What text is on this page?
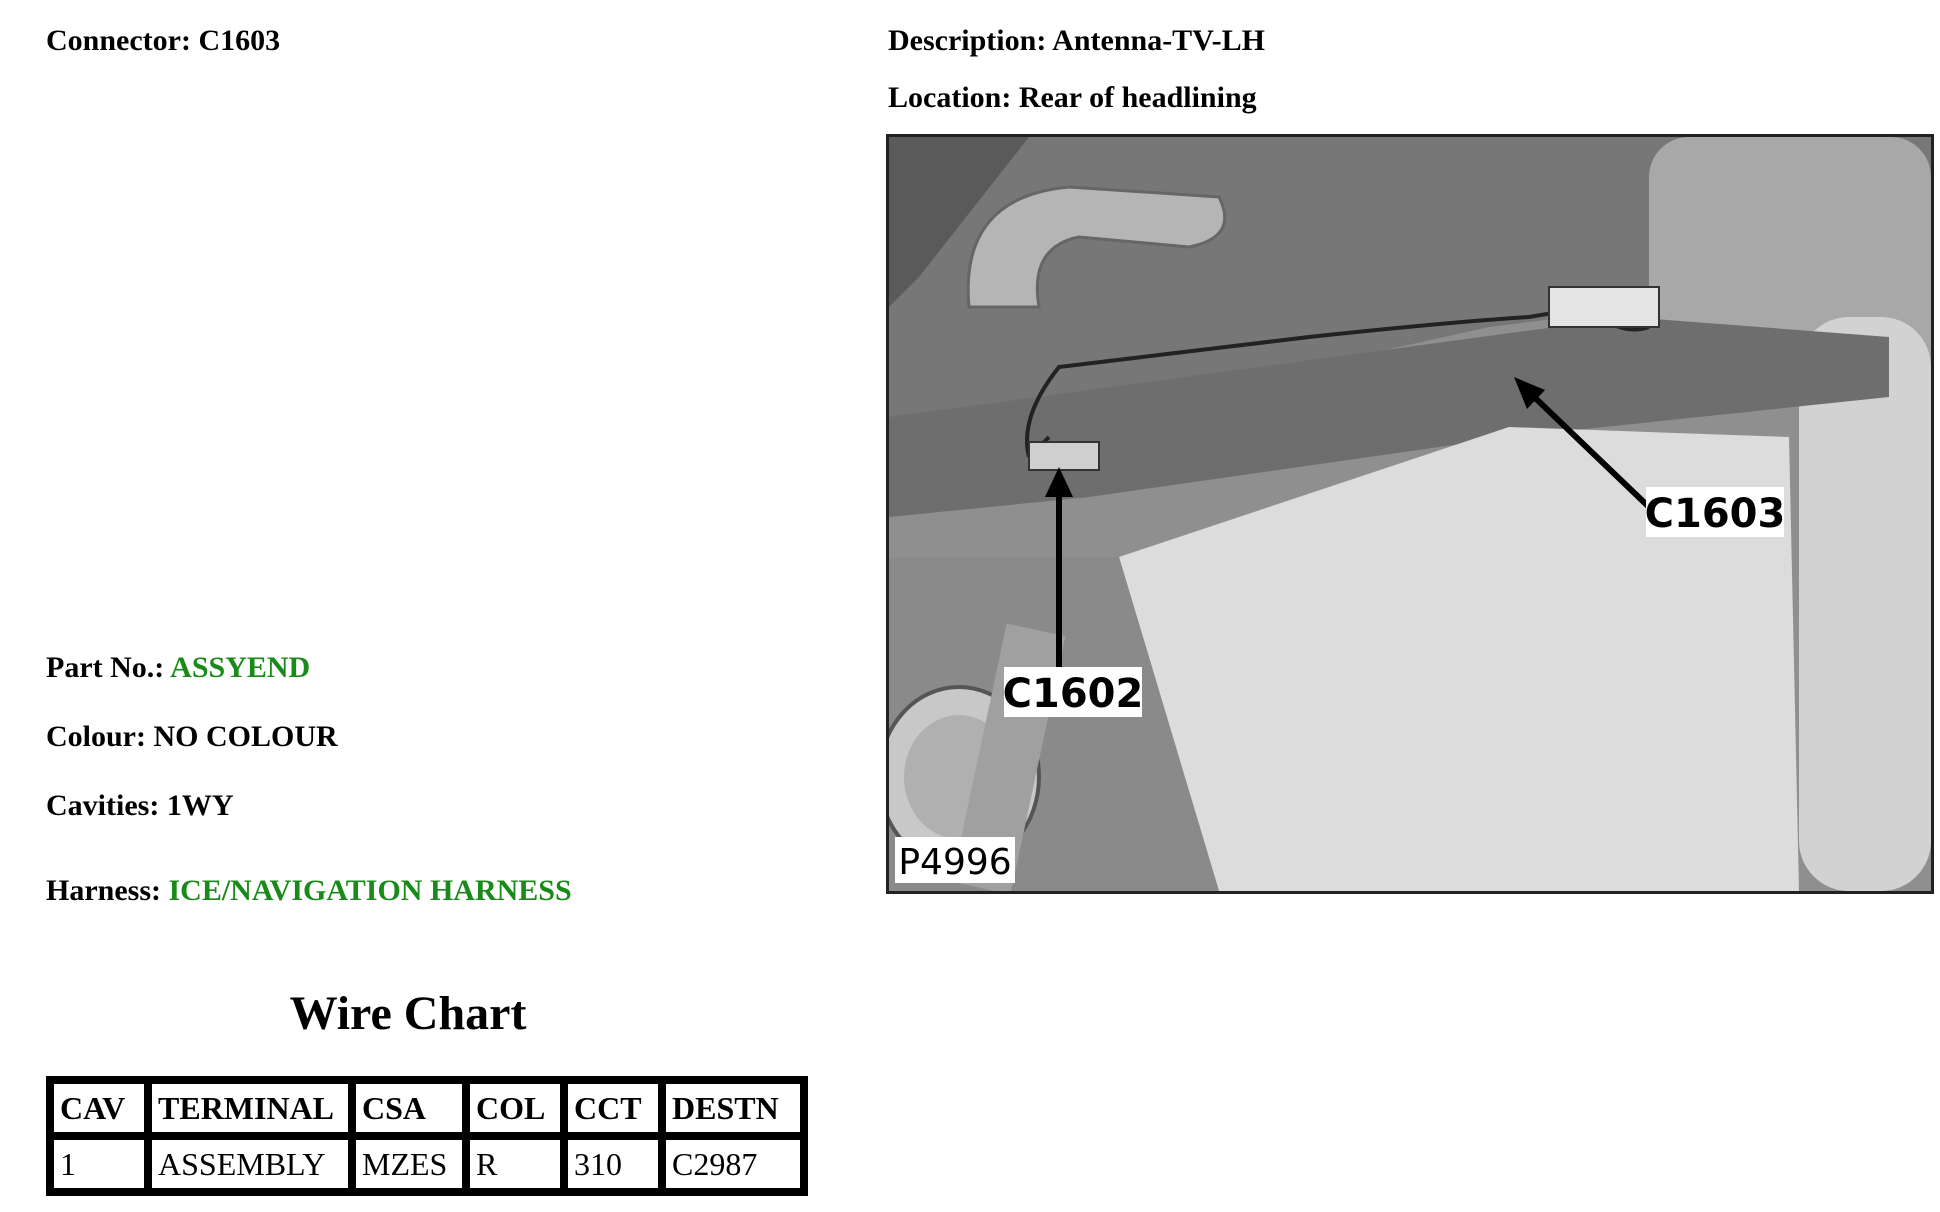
Connector: C1603	Description: Antenna-TV-LH
Location: Rear of headlining
Part No.: ASSYEND
Colour: NO COLOUR
Cavities: 1WY
Harness: ICE/NAVIGATION HARNESS
Wire Chart
CAV	TERMINAL	CSA	COL	CCT	DESTN
1	ASSEMBLY	MZES	R	310	C2987
C1602
C1603
P4996
